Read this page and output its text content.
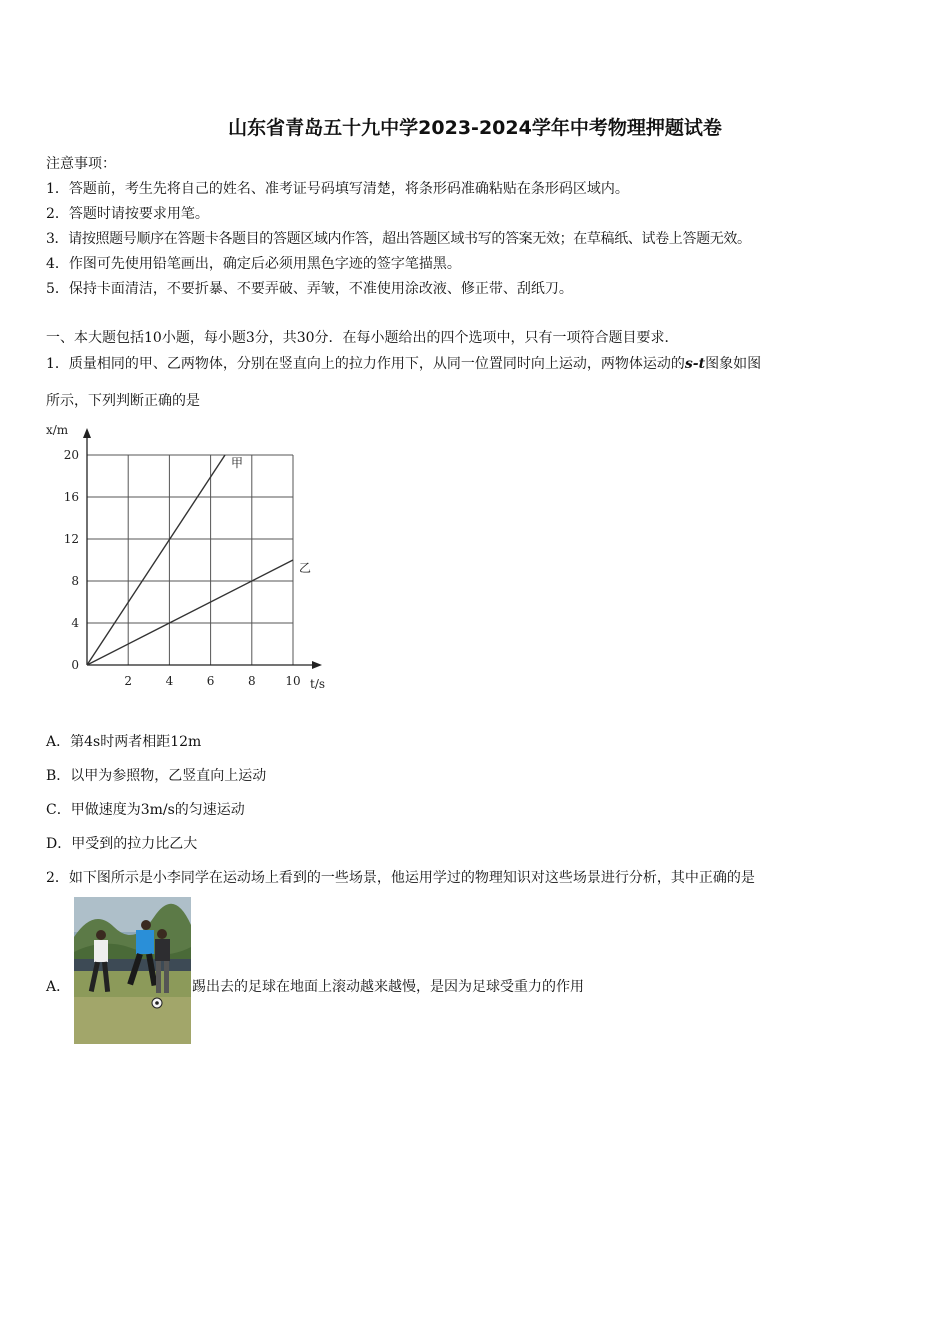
山东省青岛五十九中学2023-2024学年中考物理押题试卷
注意事项：
1．答题前，考生先将自己的姓名、准考证号码填写清楚，将条形码准确粘贴在条形码区域内。
2．答题时请按要求用笔。
3．请按照题号顺序在答题卡各题目的答题区域内作答，超出答题区域书写的答案无效；在草稿纸、试卷上答题无效。
4．作图可先使用铅笔画出，确定后必须用黑色字迹的签字笔描黑。
5．保持卡面清洁，不要折暴、不要弄破、弄皱，不准使用涂改液、修正带、刮纸刀。
一、本大题包括10小题，每小题3分，共30分．在每小题给出的四个选项中，只有一项符合题目要求．
1．质量相同的甲、乙两物体，分别在竖直向上的拉力作用下，从同一位置同时向上运动，两物体运动的s-t图象如图
所示，下列判断正确的是
2	4	6	8 10
0
4
8
12
16
20
甲
乙
x/m
t/s
A．第4s时两者相距12m
B．以甲为参照物，乙竖直向上运动
C．甲做速度为3m/s的匀速运动
D．甲受到的拉力比乙大
2．如下图所示是小李同学在运动场上看到的一些场景，他运用学过的物理知识对这些场景进行分析，其中正确的是
A．	踢出去的足球在地面上滚动越来越慢，是因为足球受重力的作用
